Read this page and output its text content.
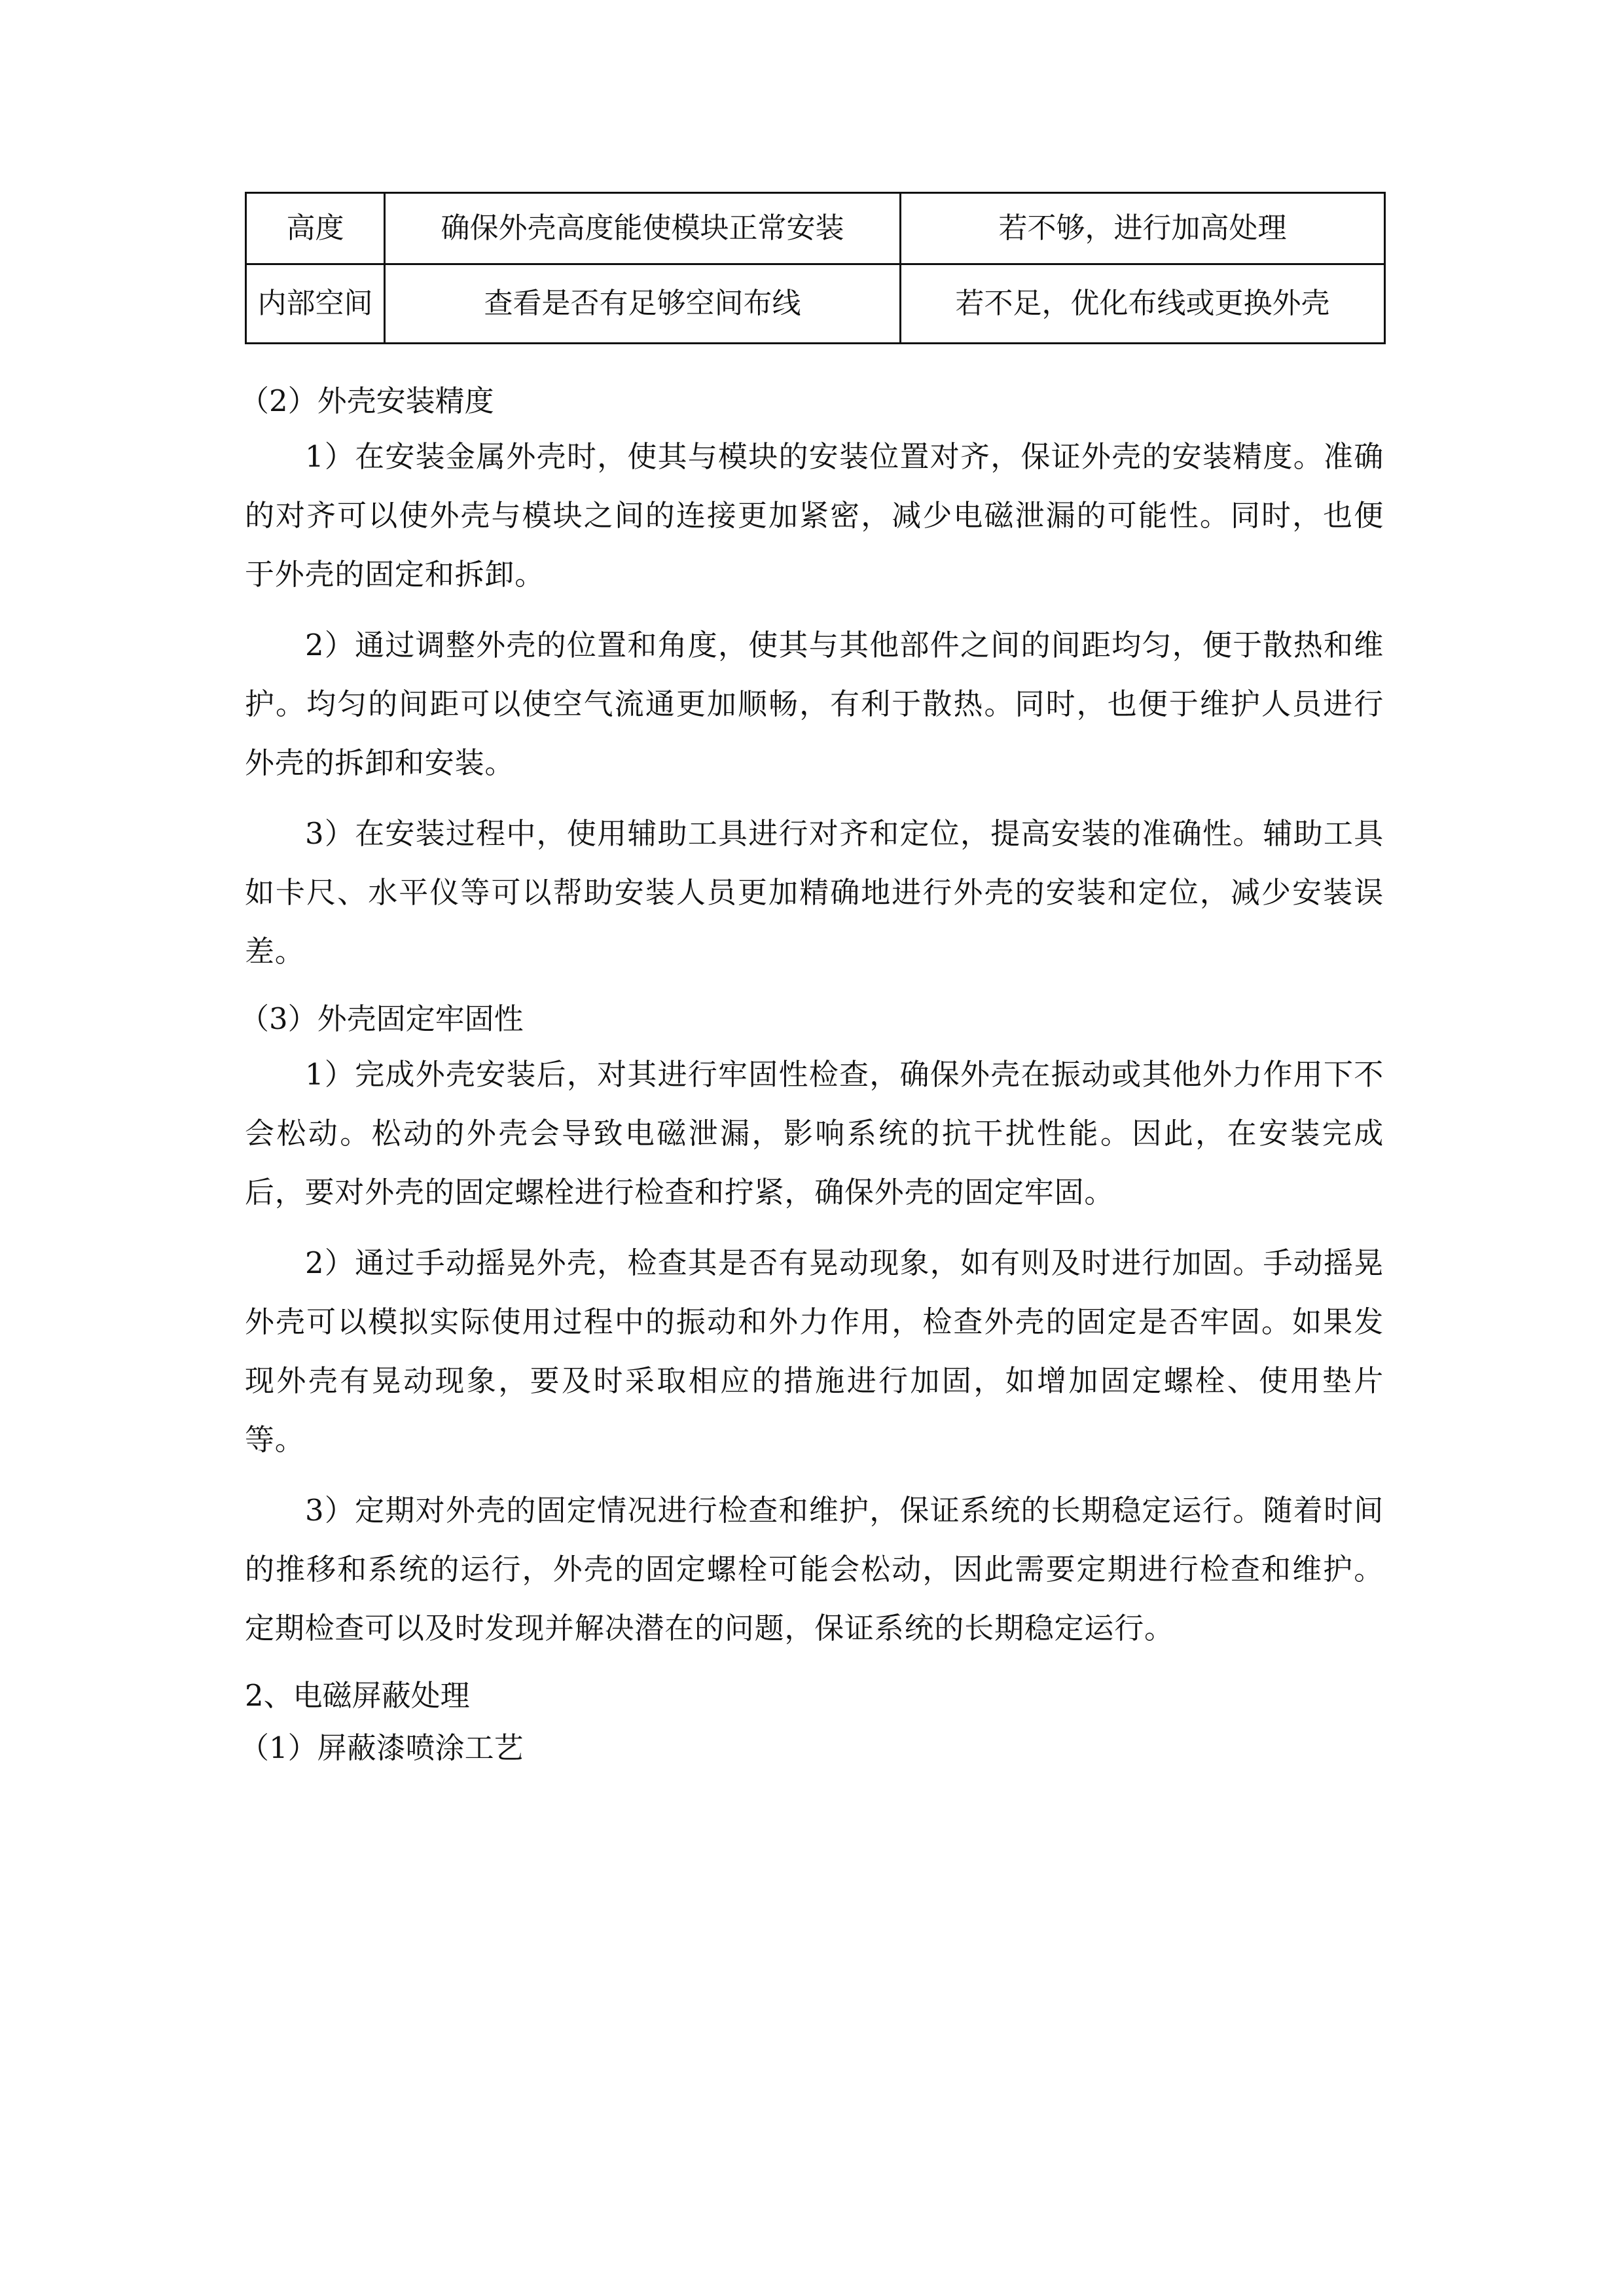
高度	确保外壳高度能使模块正常安装	若不够，进行加高处理
内部空间	查看是否有足够空间布线	若不足，优化布线或更换外壳

（2）外壳安装精度

1）在安装金属外壳时，使其与模块的安装位置对齐，保证外壳的安装精度。准确的对齐可以使外壳与模块之间的连接更加紧密，减少电磁泄漏的可能性。同时，也便于外壳的固定和拆卸。

2）通过调整外壳的位置和角度，使其与其他部件之间的间距均匀，便于散热和维护。均匀的间距可以使空气流通更加顺畅，有利于散热。同时，也便于维护人员进行外壳的拆卸和安装。

3）在安装过程中，使用辅助工具进行对齐和定位，提高安装的准确性。辅助工具如卡尺、水平仪等可以帮助安装人员更加精确地进行外壳的安装和定位，减少安装误差。

（3）外壳固定牢固性

1）完成外壳安装后，对其进行牢固性检查，确保外壳在振动或其他外力作用下不会松动。松动的外壳会导致电磁泄漏，影响系统的抗干扰性能。因此，在安装完成后，要对外壳的固定螺栓进行检查和拧紧，确保外壳的固定牢固。

2）通过手动摇晃外壳，检查其是否有晃动现象，如有则及时进行加固。手动摇晃外壳可以模拟实际使用过程中的振动和外力作用，检查外壳的固定是否牢固。如果发现外壳有晃动现象，要及时采取相应的措施进行加固，如增加固定螺栓、使用垫片等。

3）定期对外壳的固定情况进行检查和维护，保证系统的长期稳定运行。随着时间的推移和系统的运行，外壳的固定螺栓可能会松动，因此需要定期进行检查和维护。定期检查可以及时发现并解决潜在的问题，保证系统的长期稳定运行。

2、电磁屏蔽处理

（1）屏蔽漆喷涂工艺
